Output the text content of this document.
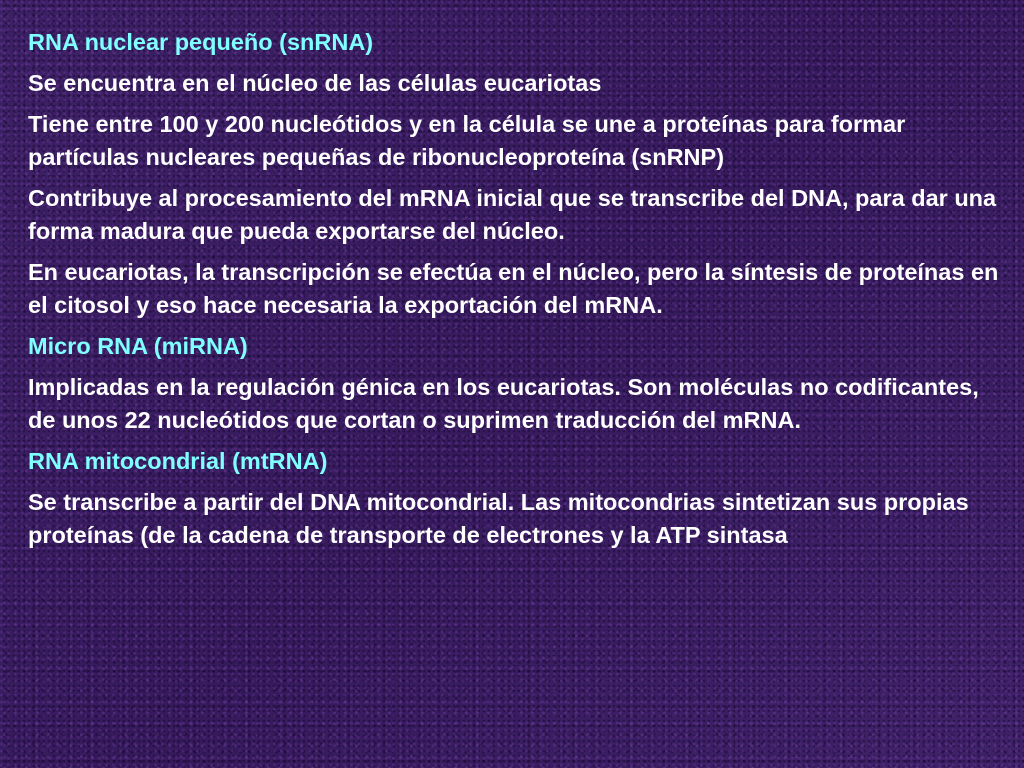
RNA nuclear pequeño (snRNA)

Se encuentra en el núcleo de las células eucariotas

Tiene entre 100 y 200 nucleótidos y en la célula se une a proteínas para formar partículas nucleares pequeñas de ribonucleoproteína (snRNP)

Contribuye al procesamiento del mRNA inicial que se transcribe del DNA, para dar una forma madura que pueda exportarse del núcleo.

En eucariotas, la transcripción se efectúa en el núcleo, pero la síntesis de proteínas en el citosol y eso hace necesaria la exportación del mRNA.

Micro RNA (miRNA)

Implicadas en la regulación génica en los eucariotas. Son moléculas no codificantes, de unos 22 nucleótidos que cortan o suprimen traducción del mRNA.

RNA mitocondrial (mtRNA)

Se transcribe a partir del DNA mitocondrial. Las mitocondrias sintetizan sus propias proteínas (de la cadena de transporte de electrones y la ATP sintasa
